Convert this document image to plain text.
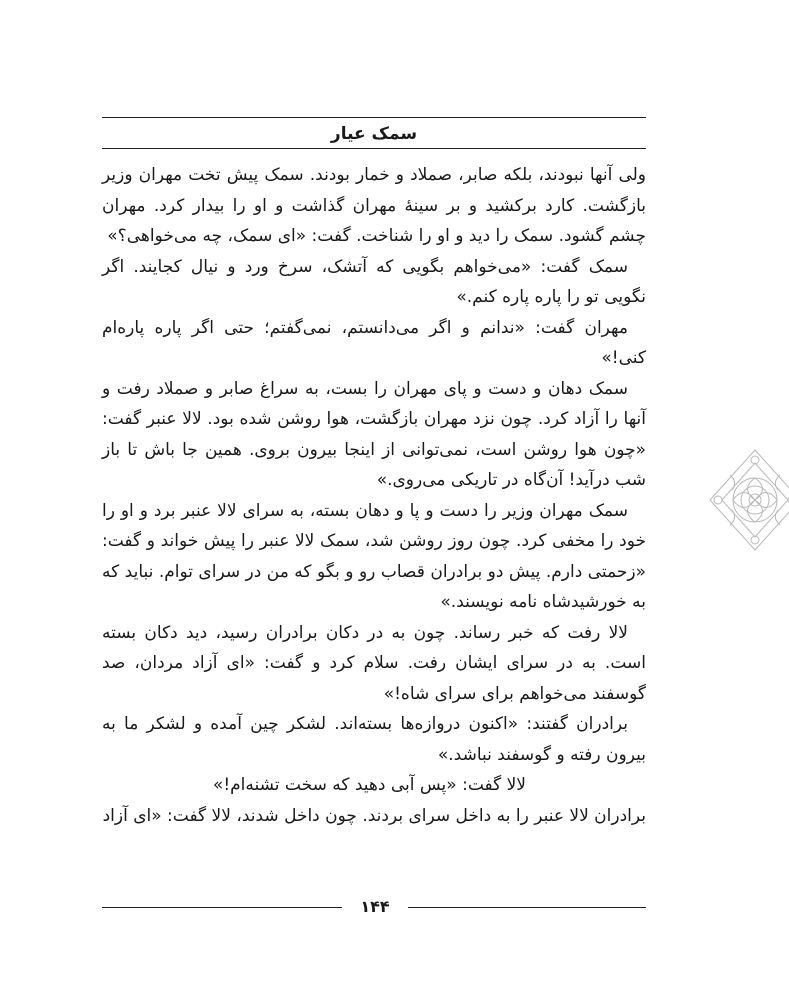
سمک عیار

ولی آنها نبودند، بلکه صابر، صملاد و خمار بودند. سمک پیش تخت مهران وزیر بازگشت. کارد برکشید و بر سینهٔ مهران گذاشت و او را بیدار کرد. مهران چشم گشود. سمک را دید و او را شناخت. گفت: «ای سمک، چه می‌خواهی؟»

سمک گفت: «می‌خواهم بگویی که آتشک، سرخ ورد و نیال کجایند. اگر نگویی تو را پاره پاره کنم.»

مهران گفت: «ندانم و اگر می‌دانستم، نمی‌گفتم؛ حتی اگر پاره پاره‌ام کنی!»

سمک دهان و دست و پای مهران را بست، به سراغ صابر و صملاد رفت و آنها را آزاد کرد. چون نزد مهران بازگشت، هوا روشن شده بود. لالا عنبر گفت: «چون هوا روشن است، نمی‌توانی از اینجا بیرون بروی. همین جا باش تا باز شب درآید! آن‌گاه در تاریکی می‌روی.»

سمک مهران وزیر را دست و پا و دهان بسته، به سرای لالا عنبر برد و او را خود را مخفی کرد. چون روز روشن شد، سمک لالا عنبر را پیش خواند و گفت: «زحمتی دارم. پیش دو برادران قصاب رو و بگو که من در سرای توام. نباید که به خورشیدشاه نامه نویسند.»

لالا رفت که خبر رساند. چون به در دکان برادران رسید، دید دکان بسته است. به در سرای ایشان رفت. سلام کرد و گفت: «ای آزاد مردان، صد گوسفند می‌خواهم برای سرای شاه!»

برادران گفتند: «اکنون دروازه‌ها بسته‌اند. لشکر چین آمده و لشکر ما به بیرون رفته و گوسفند نباشد.»

لالا گفت: «پس آبی دهید که سخت تشنه‌ام!»

برادران لالا عنبر را به داخل سرای بردند. چون داخل شدند، لالا گفت: «ای آزاد

۱۴۴
